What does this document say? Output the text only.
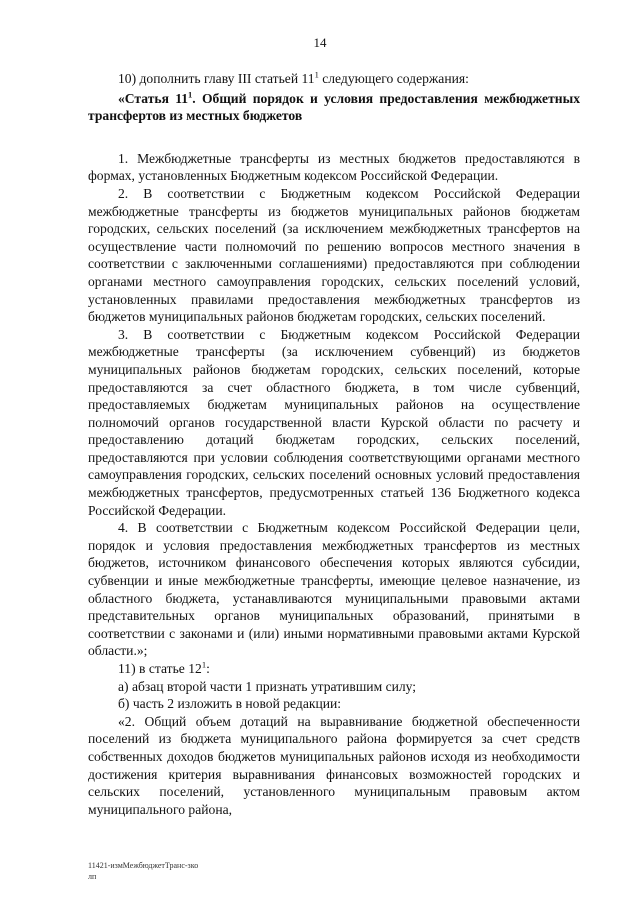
14

10) дополнить главу III статьей $11^1$ следующего содержания:

«Статья $11^1$. Общий порядок и условия предоставления межбюджетных трансфертов из местных бюджетов

1. Межбюджетные трансферты из местных бюджетов предоставляются в формах, установленных Бюджетным кодексом Российской Федерации.

2. В соответствии с Бюджетным кодексом Российской Федерации межбюджетные трансферты из бюджетов муниципальных районов бюджетам городских, сельских поселений (за исключением межбюджетных трансфертов на осуществление части полномочий по решению вопросов местного значения в соответствии с заключенными соглашениями) предоставляются при соблюдении органами местного самоуправления городских, сельских поселений условий, установленных правилами предоставления межбюджетных трансфертов из бюджетов муниципальных районов бюджетам городских, сельских поселений.

3. В соответствии с Бюджетным кодексом Российской Федерации межбюджетные трансферты (за исключением субвенций) из бюджетов муниципальных районов бюджетам городских, сельских поселений, которые предоставляются за счет областного бюджета, в том числе субвенций, предоставляемых бюджетам муниципальных районов на осуществление полномочий органов государственной власти Курской области по расчету и предоставлению дотаций бюджетам городских, сельских поселений, предоставляются при условии соблюдения соответствующими органами местного самоуправления городских, сельских поселений основных условий предоставления межбюджетных трансфертов, предусмотренных статьей 136 Бюджетного кодекса Российской Федерации.

4. В соответствии с Бюджетным кодексом Российской Федерации цели, порядок и условия предоставления межбюджетных трансфертов из местных бюджетов, источником финансового обеспечения которых являются субсидии, субвенции и иные межбюджетные трансферты, имеющие целевое назначение, из областного бюджета, устанавливаются муниципальными правовыми актами представительных органов муниципальных образований, принятыми в соответствии с законами и (или) иными нормативными правовыми актами Курской области.»;

11) в статье $12^1$:

а) абзац второй части 1 признать утратившим силу;

б) часть 2 изложить в новой редакции:

«2. Общий объем дотаций на выравнивание бюджетной обеспеченности поселений из бюджета муниципального района формируется за счет средств собственных доходов бюджетов муниципальных районов исходя из необходимости достижения критерия выравнивания финансовых возможностей городских и сельских поселений, установленного муниципальным правовым актом муниципального района,

11421-измМежбюджетТранс-зко
лп
